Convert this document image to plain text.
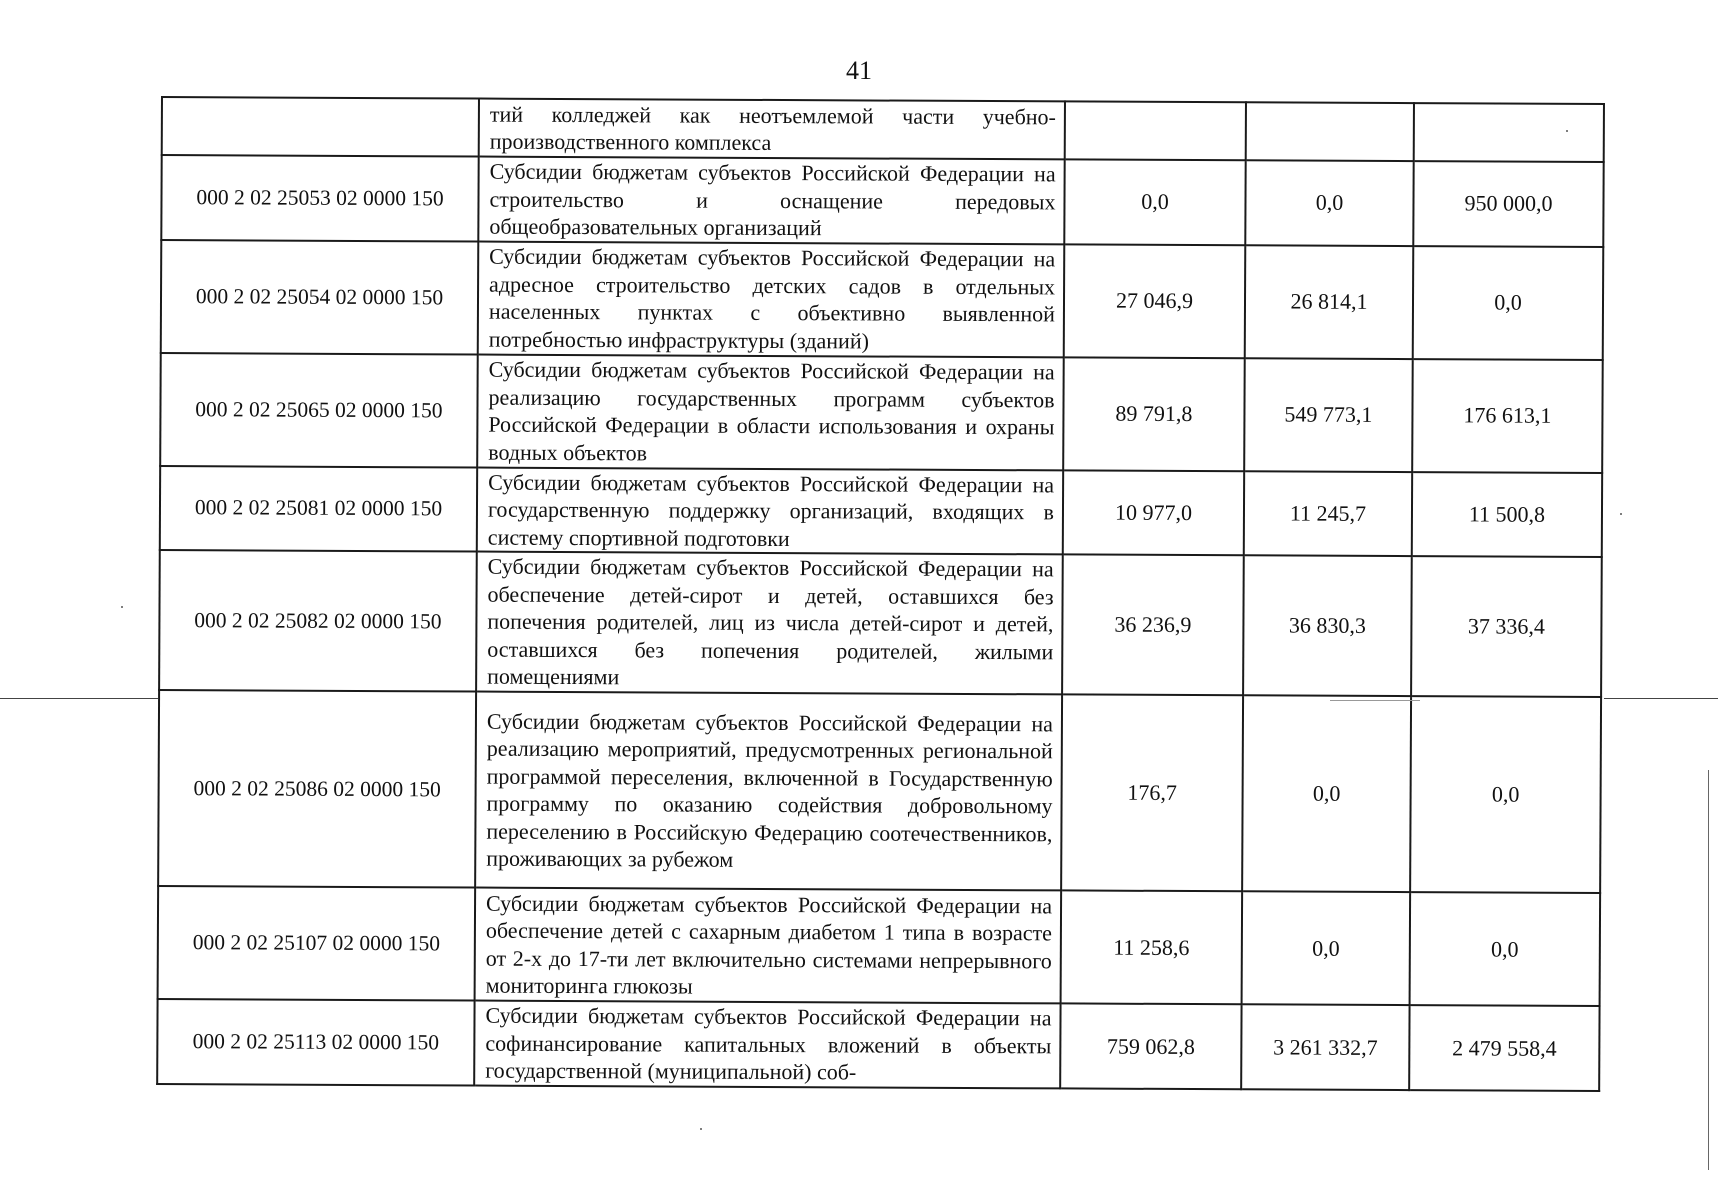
41
	тий колледжей как неотъемлемой части учебно-производственного комплекса			
000 2 02 25053 02 0000 150	Субсидии бюджетам субъектов Российской Федерации на строительство и оснащение передовых общеобразовательных организаций	0,0	0,0	950 000,0
000 2 02 25054 02 0000 150	Субсидии бюджетам субъектов Российской Федерации на адресное строительство детских садов в отдельных населенных пунктах с объективно выявленной потребностью инфраструктуры (зданий)	27 046,9	26 814,1	0,0
000 2 02 25065 02 0000 150	Субсидии бюджетам субъектов Российской Федерации на реализацию государственных программ субъектов Российской Федерации в области использования и охраны водных объектов	89 791,8	549 773,1	176 613,1
000 2 02 25081 02 0000 150	Субсидии бюджетам субъектов Российской Федерации на государственную поддержку организаций, входящих в систему спортивной подготовки	10 977,0	11 245,7	11 500,8
000 2 02 25082 02 0000 150	Субсидии бюджетам субъектов Российской Федерации на обеспечение детей-сирот и детей, оставшихся без попечения родителей, лиц из числа детей-сирот и детей, оставшихся без попечения родителей, жилыми помещениями	36 236,9	36 830,3	37 336,4
000 2 02 25086 02 0000 150	Субсидии бюджетам субъектов Российской Федерации на реализацию мероприятий, предусмотренных региональной программой переселения, включенной в Государственную программу по оказанию содействия добровольному переселению в Российскую Федерацию соотечественников, проживающих за рубежом	176,7	0,0	0,0
000 2 02 25107 02 0000 150	Субсидии бюджетам субъектов Российской Федерации на обеспечение детей с сахарным диабетом 1 типа в возрасте от 2-х до 17-ти лет включительно системами непрерывного мониторинга глюкозы	11 258,6	0,0	0,0
000 2 02 25113 02 0000 150	Субсидии бюджетам субъектов Российской Федерации на софинансирование капитальных вложений в объекты государственной (муниципальной) соб-	759 062,8	3 261 332,7	2 479 558,4
